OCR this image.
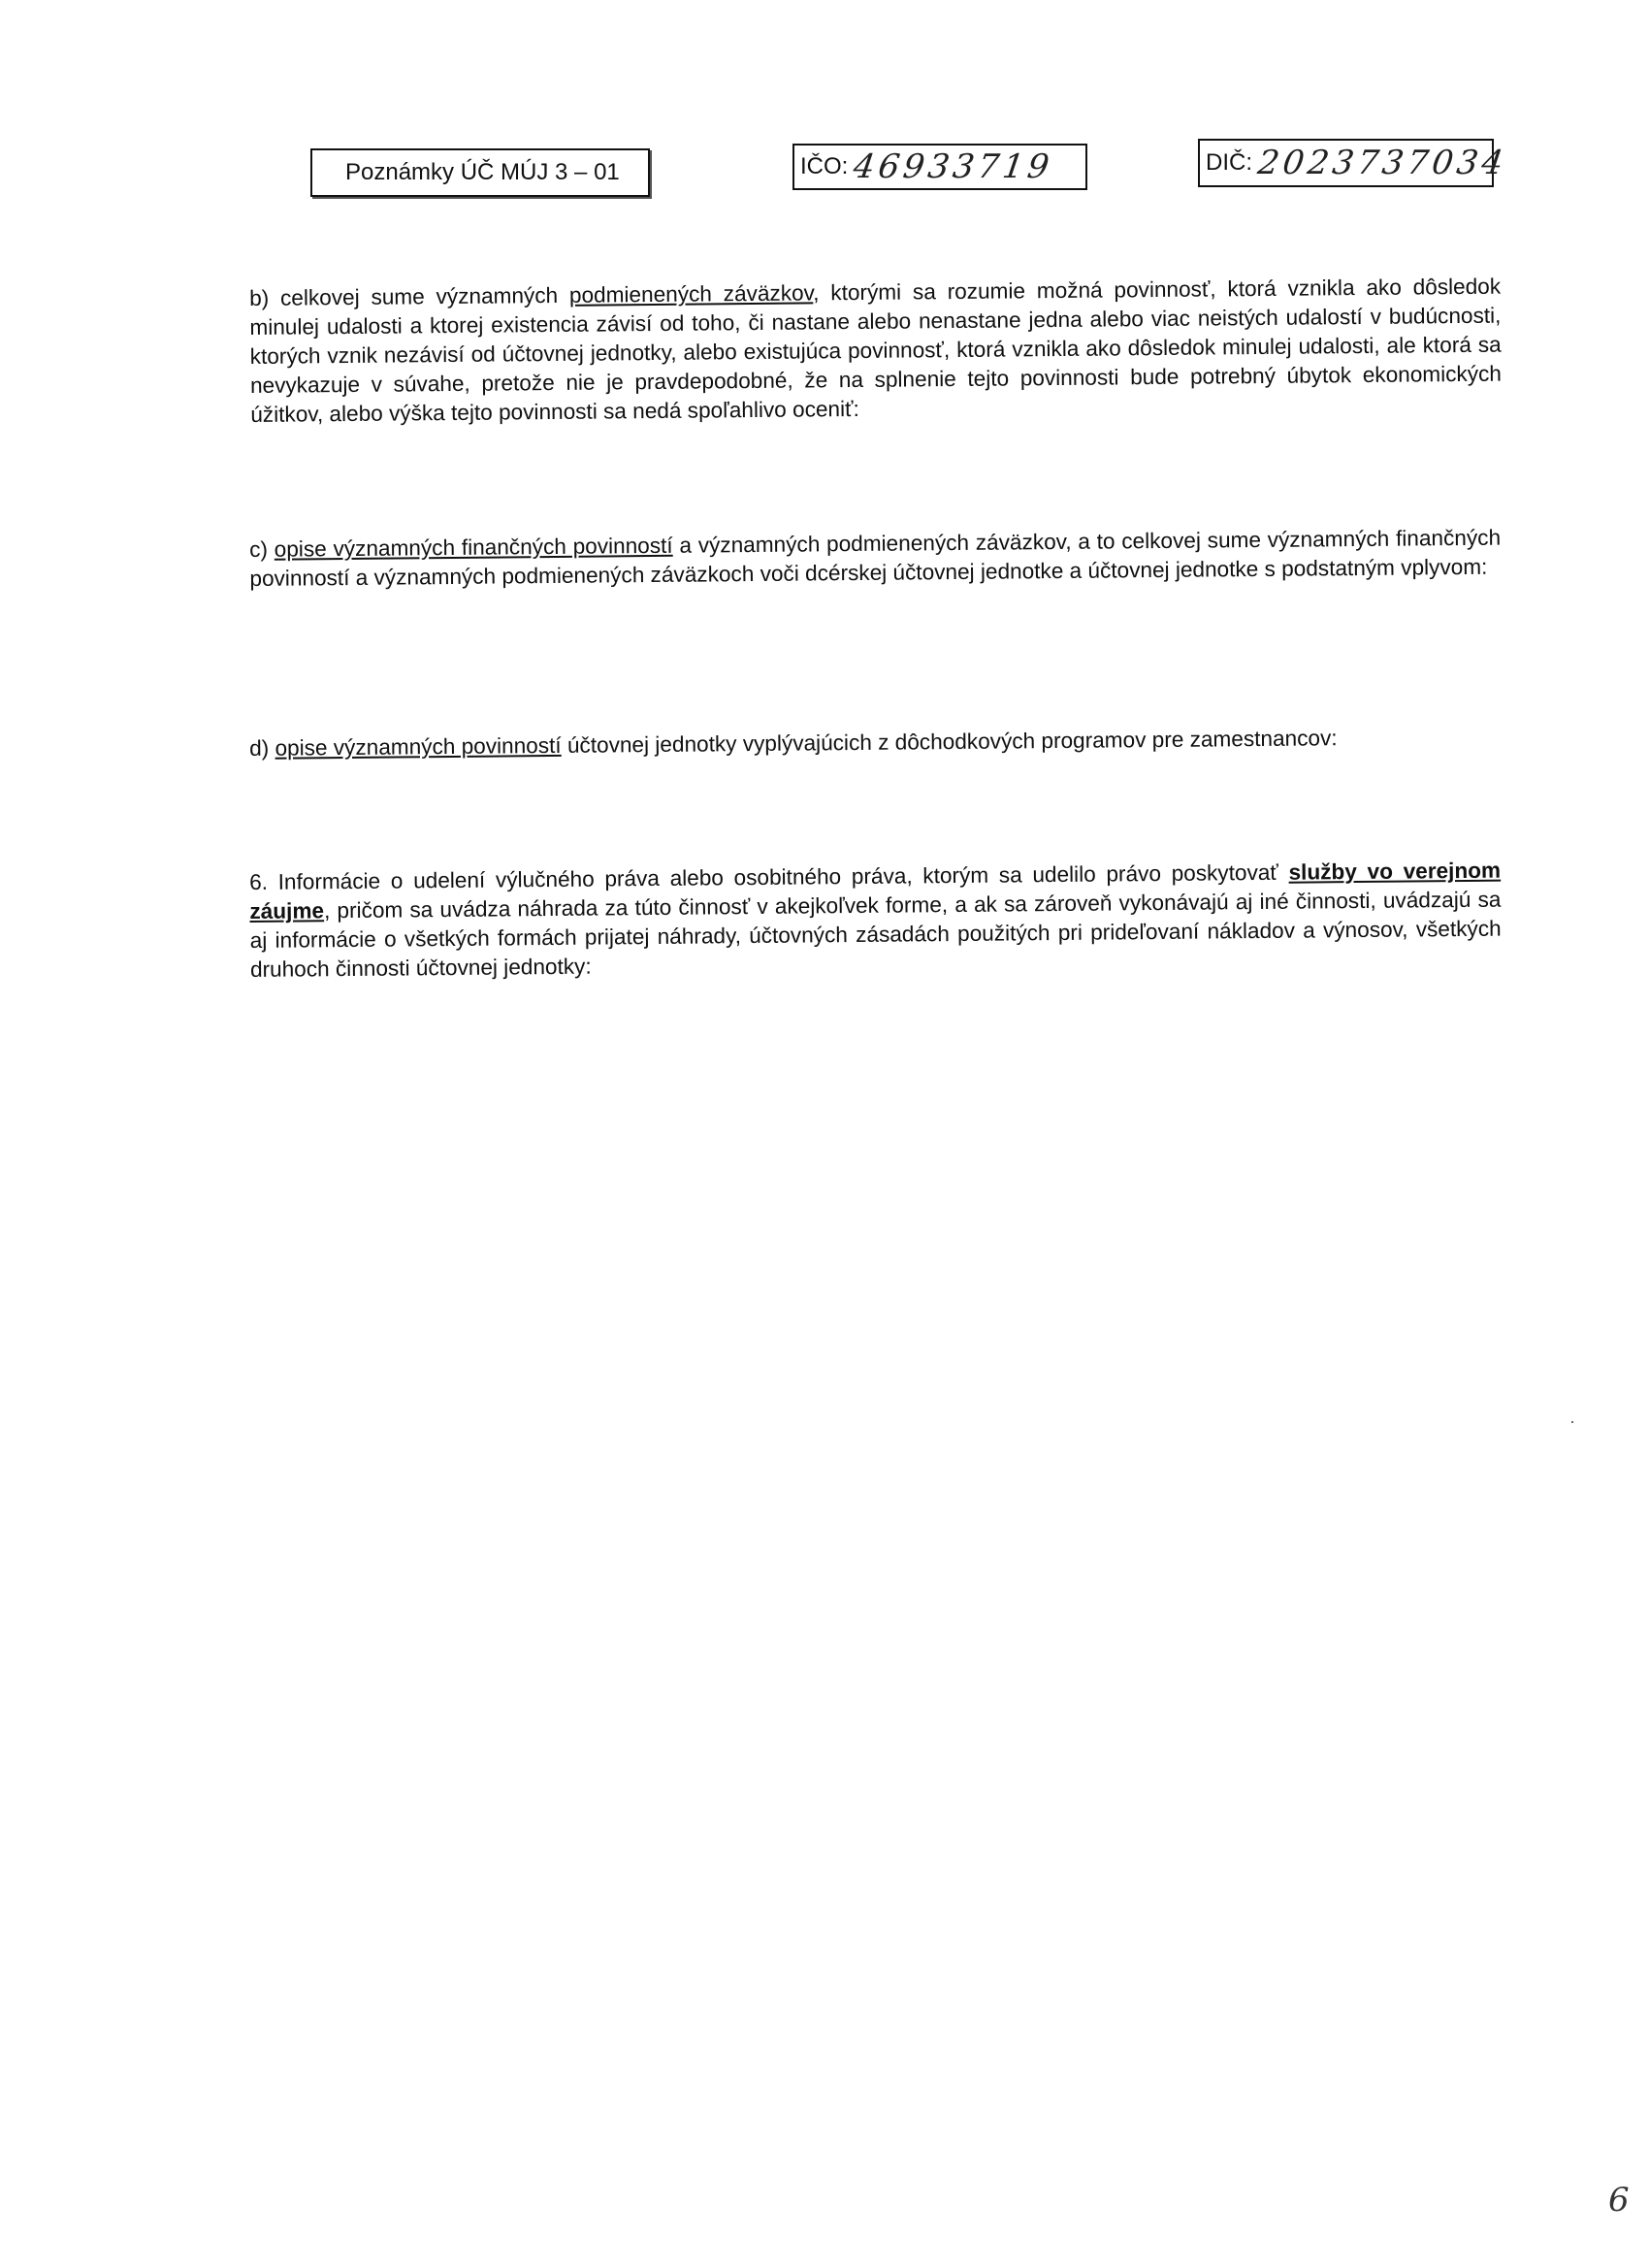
Poznámky ÚČ MÚJ 3 – 01	IČO: 46933719	DIČ: 2023737034

b) celkovej sume významných podmienených záväzkov, ktorými sa rozumie možná povinnosť, ktorá vznikla ako dôsledok minulej udalosti a ktorej existencia závisí od toho, či nastane alebo nenastane jedna alebo viac neistých udalostí v budúcnosti, ktorých vznik nezávisí od účtovnej jednotky, alebo existujúca povinnosť, ktorá vznikla ako dôsledok minulej udalosti, ale ktorá sa nevykazuje v súvahe, pretože nie je pravdepodobné, že na splnenie tejto povinnosti bude potrebný úbytok ekonomických úžitkov, alebo výška tejto povinnosti sa nedá spoľahlivo oceniť:

c) opise významných finančných povinností a významných podmienených záväzkov, a to celkovej sume významných finančných povinností a významných podmienených záväzkoch voči dcérskej účtovnej jednotke a účtovnej jednotke s podstatným vplyvom:

d) opise významných povinností účtovnej jednotky vyplývajúcich z dôchodkových programov pre zamestnancov:

6. Informácie o udelení výlučného práva alebo osobitného práva, ktorým sa udelilo právo poskytovať služby vo verejnom záujme, pričom sa uvádza náhrada za túto činnosť v akejkoľvek forme, a ak sa zároveň vykonávajú aj iné činnosti, uvádzajú sa aj informácie o všetkých formách prijatej náhrady, účtovných zásadách použitých pri prideľovaní nákladov a výnosov, všetkých druhoch činnosti účtovnej jednotky:

6
